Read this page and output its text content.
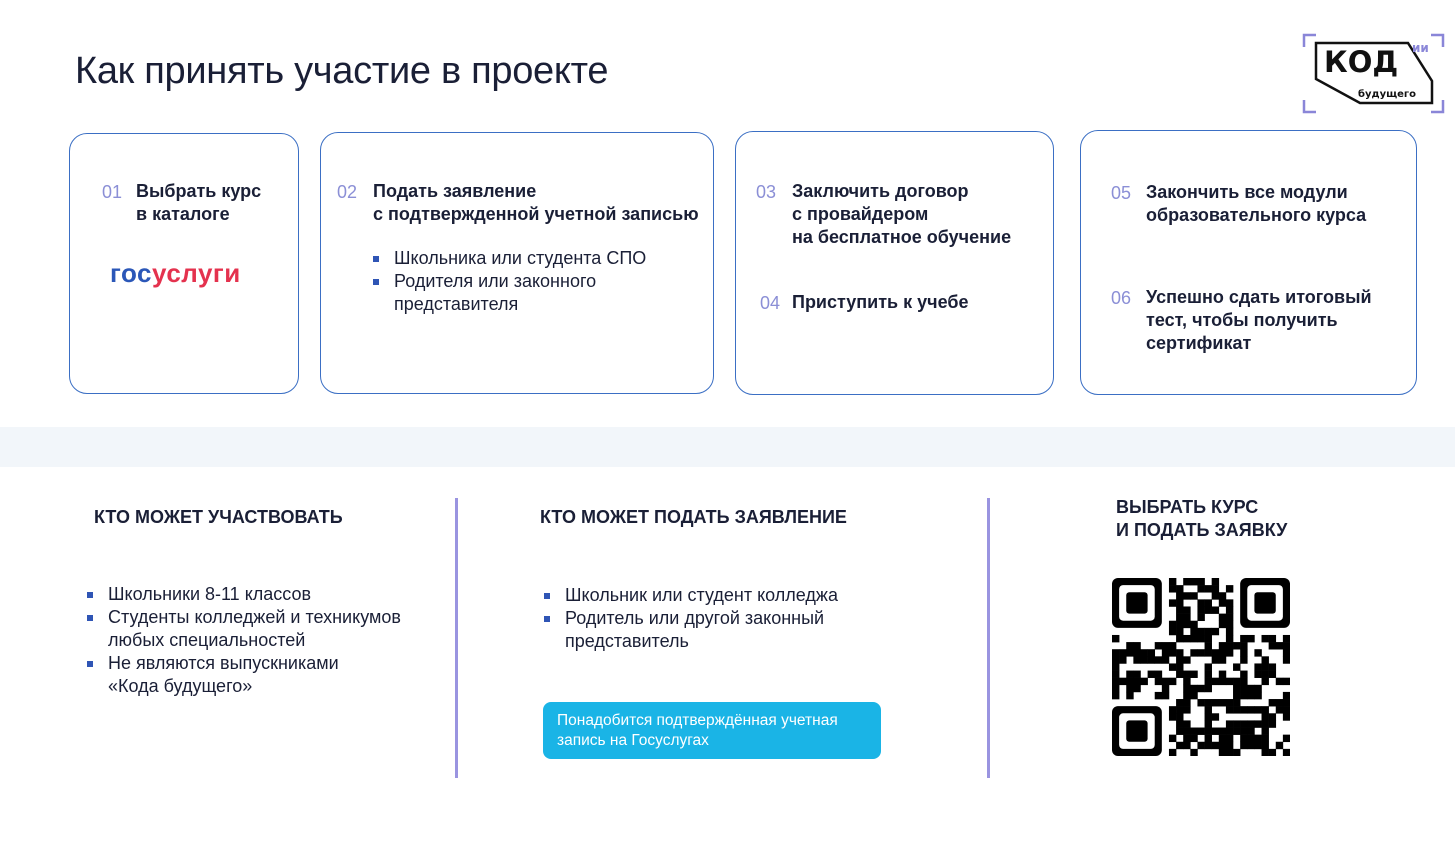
Как принять участие в проекте	КОД
будущего
ии
01 Выбрать курс
в каталоге
госуслуги
02 Подать заявление
с подтвержденной учетной записью
Школьника или студента СПО
Родителя или законного
представителя
03 Заключить договор
с провайдером
на бесплатное обучение
04 Приступить к учебе
05 Закончить все модули
образовательного курса
06 Успешно сдать итоговый
тест, чтобы получить
сертификат
КТО МОЖЕТ УЧАСТВОВАТЬ
Школьники 8-11 классов
Студенты колледжей и техникумов
любых специальностей
Не являются выпускниками
«Кода будущего»
КТО МОЖЕТ ПОДАТЬ ЗАЯВЛЕНИЕ
Школьник или студент колледжа
Родитель или другой законный
представитель
Понадобится подтверждённая учетная запись на Госуслугах
ВЫБРАТЬ КУРС
И ПОДАТЬ ЗАЯВКУ
